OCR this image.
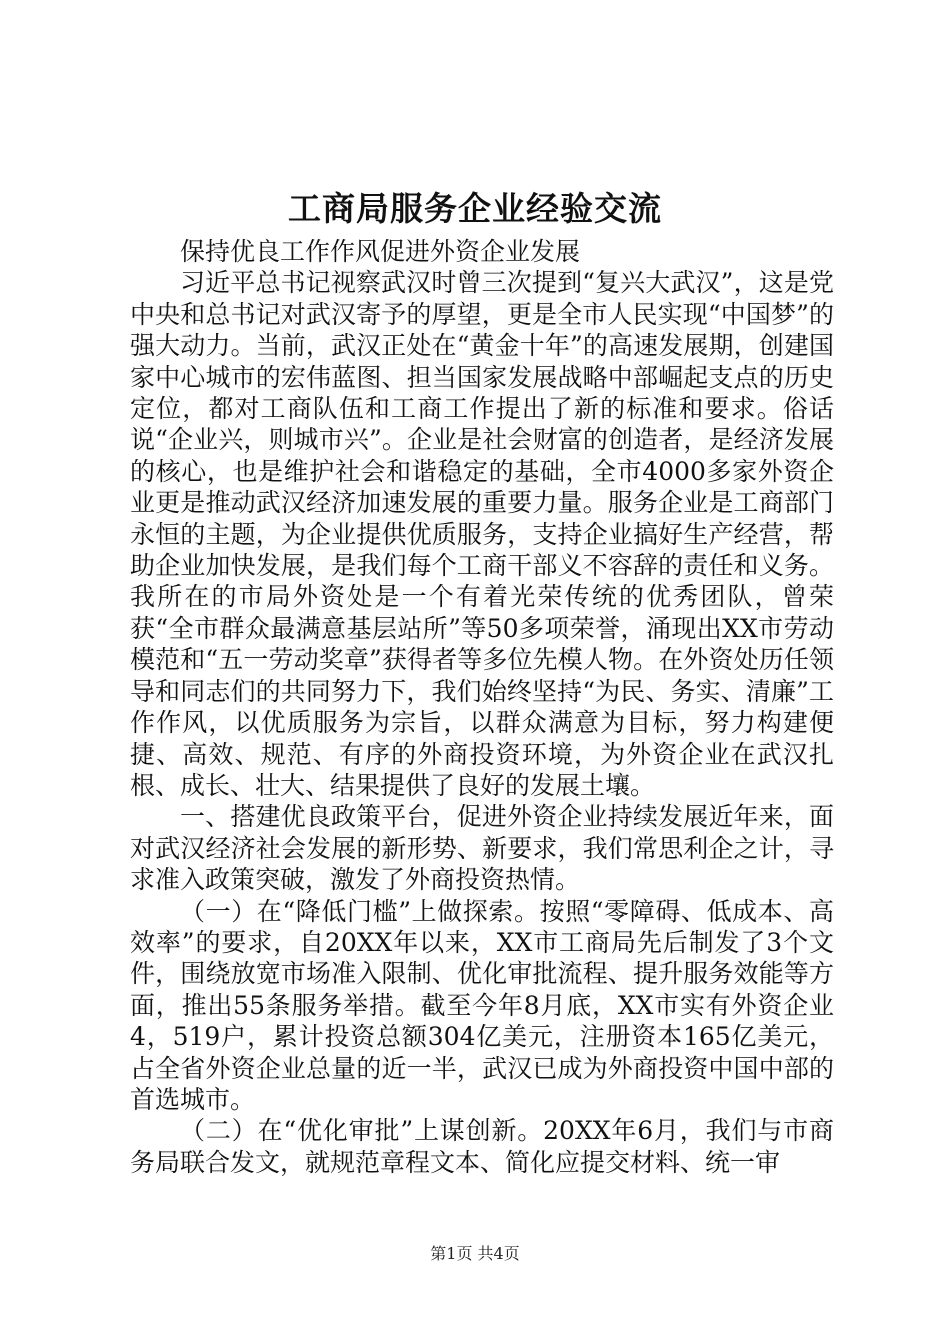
工商局服务企业经验交流

保持优良工作作风促进外资企业发展

习近平总书记视察武汉时曾三次提到“复兴大武汉”，这是党中央和总书记对武汉寄予的厚望，更是全市人民实现“中国梦”的强大动力。当前，武汉正处在“黄金十年”的高速发展期，创建国家中心城市的宏伟蓝图、担当国家发展战略中部崛起支点的历史定位，都对工商队伍和工商工作提出了新的标准和要求。俗话说“企业兴，则城市兴”。企业是社会财富的创造者，是经济发展的核心，也是维护社会和谐稳定的基础，全市4000多家外资企业更是推动武汉经济加速发展的重要力量。服务企业是工商部门永恒的主题，为企业提供优质服务，支持企业搞好生产经营，帮助企业加快发展，是我们每个工商干部义不容辞的责任和义务。我所在的市局外资处是一个有着光荣传统的优秀团队，曾荣获“全市群众最满意基层站所”等50多项荣誉，涌现出XX市劳动模范和“五一劳动奖章”获得者等多位先模人物。在外资处历任领导和同志们的共同努力下，我们始终坚持“为民、务实、清廉”工作作风，以优质服务为宗旨，以群众满意为目标，努力构建便捷、高效、规范、有序的外商投资环境，为外资企业在武汉扎根、成长、壮大、结果提供了良好的发展土壤。

一、搭建优良政策平台，促进外资企业持续发展近年来，面对武汉经济社会发展的新形势、新要求，我们常思利企之计，寻求准入政策突破，激发了外商投资热情。

（一）在“降低门槛”上做探索。按照“零障碍、低成本、高效率”的要求，自20XX年以来，XX市工商局先后制发了3个文件，围绕放宽市场准入限制、优化审批流程、提升服务效能等方面，推出55条服务举措。截至今年8月底，XX市实有外资企业4，519户，累计投资总额304亿美元，注册资本165亿美元，占全省外资企业总量的近一半，武汉已成为外商投资中国中部的首选城市。

（二）在“优化审批”上谋创新。20XX年6月，我们与市商务局联合发文，就规范章程文本、简化应提交材料、统一审

第1页 共4页
